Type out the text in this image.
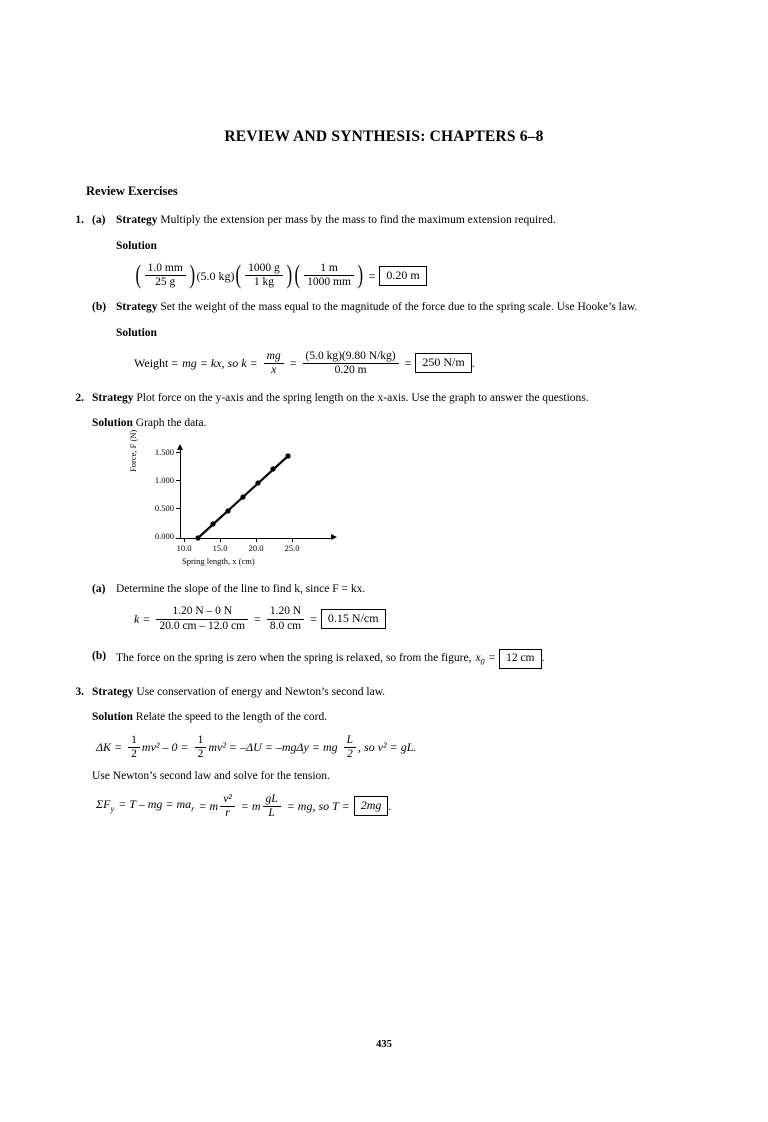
REVIEW AND SYNTHESIS: CHAPTERS 6–8
Review Exercises
1. (a) Strategy Multiply the extension per mass by the mass to find the maximum extension required.
Solution
( $\frac{1.0 mm}{25 g}$ ) (5.0 kg) ( $\frac{1000 g}{1 kg}$ ) ( $\frac{1 m}{1000 mm}$ ) = 0.20 m
(b) Strategy Set the weight of the mass equal to the magnitude of the force due to the spring scale. Use Hooke’s law.
Solution
Weight = mg = kx, so $k = \frac{mg}{x} = \frac{(5.0 kg)(9.80 N/kg)}{0.20 m} = 250$ N/m .
2. Strategy Plot force on the y-axis and the spring length on the x-axis. Use the graph to answer the questions.
Solution Graph the data.
Force, F (N)	1.500
1.000
0.500
0.000
10.0	15.0	20.0	25.0
Spring length, x (cm)
(a) Determine the slope of the line to find k, since F = kx.
$k = \frac{1.20 N - 0 N}{20.0 cm - 12.0 cm} = \frac{1.20 N}{8.0 cm} = 0.15$ N/cm
(b) The force on the spring is zero when the spring is relaxed, so from the figure, $x_0 = 12$ cm .
3. Strategy Use conservation of energy and Newton’s second law.
Solution Relate the speed to the length of the cord.
$\Delta K = \frac{1}{2} mv^2 - 0 = \frac{1}{2} mv^2 = -\Delta U = -mg\Delta y$ = mg $\frac{L}{2}$ , so v² = gL.
Use Newton’s second law and solve for the tension.
$\Sigma F_y = T$ – mg = $ma_r = m \frac{\text{v²}}{r} = m \frac{gL}{L}$ = mg, so T = 2mg .
435
